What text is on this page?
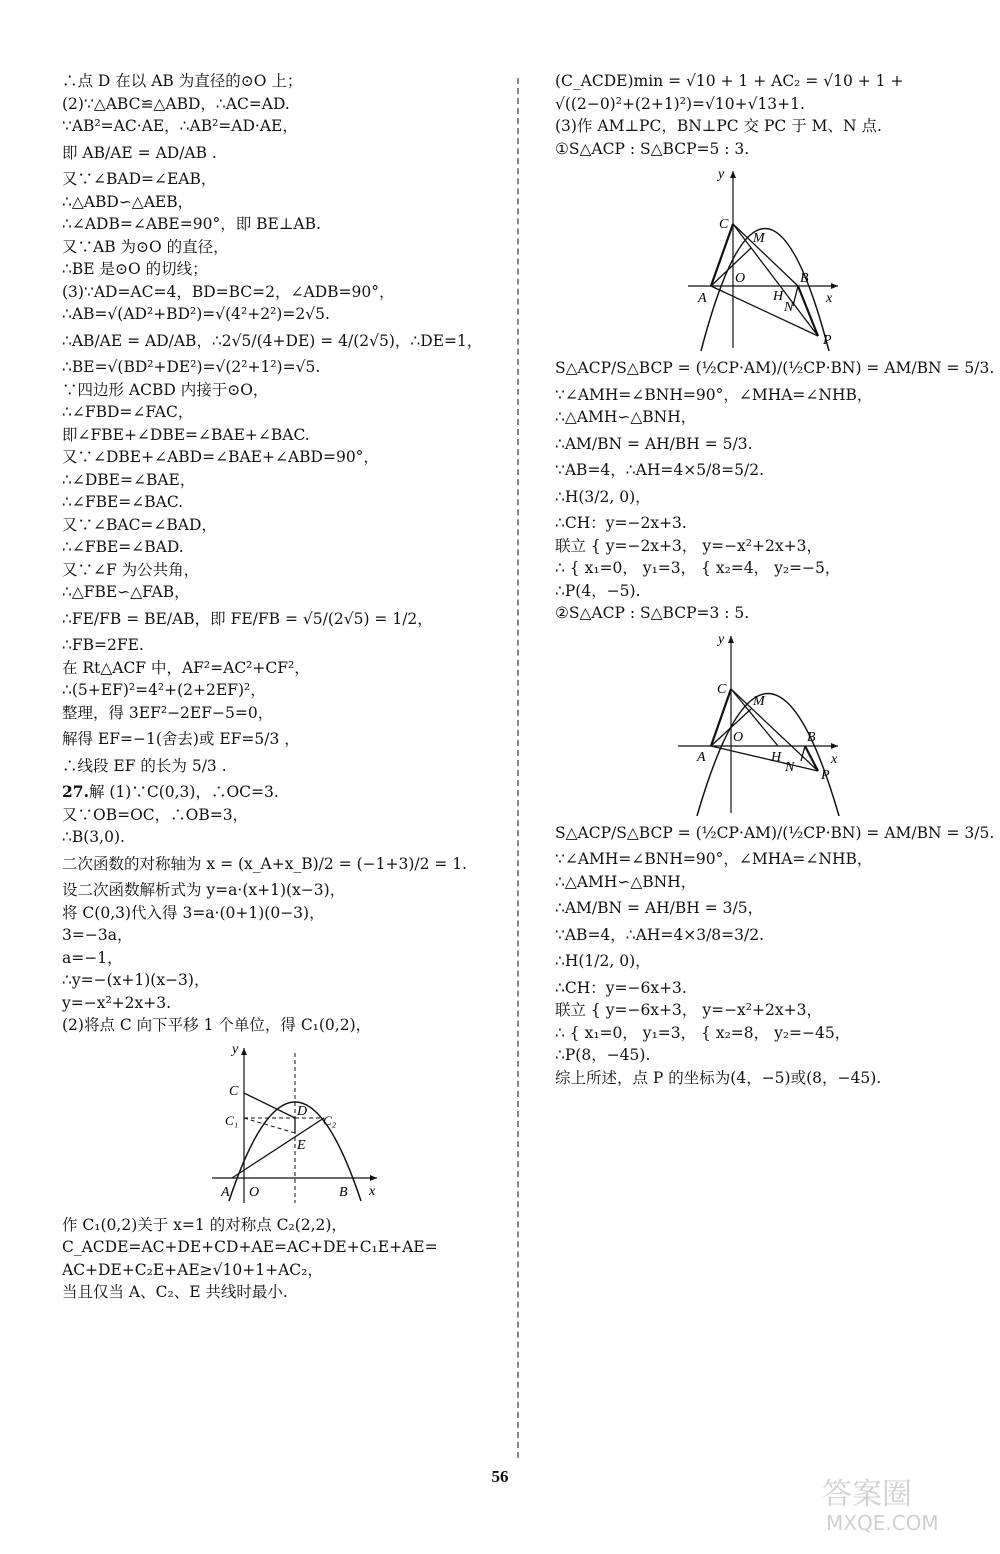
∴点 D 在以 AB 为直径的⊙O 上；

(2)∵△ABC≌△ABD，∴AC=AD.

∵AB²=AC·AE，∴AB²=AD·AE，

即 AB/AE = AD/AB .

又∵∠BAD=∠EAB，

∴△ABD∽△AEB，

∴∠ADB=∠ABE=90°，即 BE⊥AB.

又∵AB 为⊙O 的直径，

∴BE 是⊙O 的切线；

(3)∵AD=AC=4，BD=BC=2，∠ADB=90°，

∴AB=√(AD²+BD²)=√(4²+2²)=2√5.

∴AB/AE = AD/AB，∴2√5/(4+DE) = 4/(2√5)，∴DE=1，

∴BE=√(BD²+DE²)=√(2²+1²)=√5.

∵四边形 ACBD 内接于⊙O，

∴∠FBD=∠FAC，

即∠FBE+∠DBE=∠BAE+∠BAC.

又∵∠DBE+∠ABD=∠BAE+∠ABD=90°，

∴∠DBE=∠BAE，

∴∠FBE=∠BAC.

又∵∠BAC=∠BAD，

∴∠FBE=∠BAD.

又∵∠F 为公共角，

∴△FBE∽△FAB，

∴FE/FB = BE/AB，即 FE/FB = √5/(2√5) = 1/2，

∴FB=2FE.

在 Rt△ACF 中，AF²=AC²+CF²，

∴(5+EF)²=4²+(2+2EF)²，

整理，得 3EF²−2EF−5=0，

解得 EF=−1(舍去)或 EF=5/3 ，

∴线段 EF 的长为 5/3 .

27.解 (1)∵C(0,3)，∴OC=3.

又∵OB=OC，∴OB=3，

∴B(3,0).

二次函数的对称轴为 x = (x_A+x_B)/2 = (−1+3)/2 = 1.

设二次函数解析式为 y=a·(x+1)(x−3)，

将 C(0,3)代入得 3=a·(0+1)(0−3)，

3=−3a，

a=−1，

∴y=−(x+1)(x−3)，

y=−x²+2x+3.

(2)将点 C 向下平移 1 个单位，得 C₁(0,2)，

y
x
A O	B
C
C₁	C₂
D
E

作 C₁(0,2)关于 x=1 的对称点 C₂(2,2)，

C_ACDE=AC+DE+CD+AE=AC+DE+C₁E+AE=

AC+DE+C₂E+AE≥√10+1+AC₂，

当且仅当 A、C₂、E 共线时最小.

(C_ACDE)min = √10 + 1 + AC₂ = √10 + 1 +

√((2−0)²+(2+1)²)=√10+√13+1.

(3)作 AM⊥PC，BN⊥PC 交 PC 于 M、N 点.

①S△ACP : S△BCP=5 : 3.

y
x
A
O	B
C
M
H
N
P

S△ACP/S△BCP = (½CP·AM)/(½CP·BN) = AM/BN = 5/3.

∵∠AMH=∠BNH=90°，∠MHA=∠NHB，

∴△AMH∽△BNH，

∴AM/BN = AH/BH = 5/3.

∵AB=4，∴AH=4×5/8=5/2.

∴H(3/2, 0)，

∴CH：y=−2x+3.

联立 { y=−2x+3， y=−x²+2x+3，

∴ { x₁=0， y₁=3， { x₂=4， y₂=−5，

∴P(4，−5).

②S△ACP : S△BCP=3 : 5.

y
x
A
O	B
C
M
H
N
P

S△ACP/S△BCP = (½CP·AM)/(½CP·BN) = AM/BN = 3/5.

∵∠AMH=∠BNH=90°，∠MHA=∠NHB，

∴△AMH∽△BNH，

∴AM/BN = AH/BH = 3/5，

∵AB=4，∴AH=4×3/8=3/2.

∴H(1/2, 0)，

∴CH：y=−6x+3.

联立 { y=−6x+3， y=−x²+2x+3，

∴ { x₁=0， y₁=3， { x₂=8， y₂=−45，

∴P(8，−45).

综上所述，点 P 的坐标为(4，−5)或(8，−45).

56
答案圈
MXQE.COM
